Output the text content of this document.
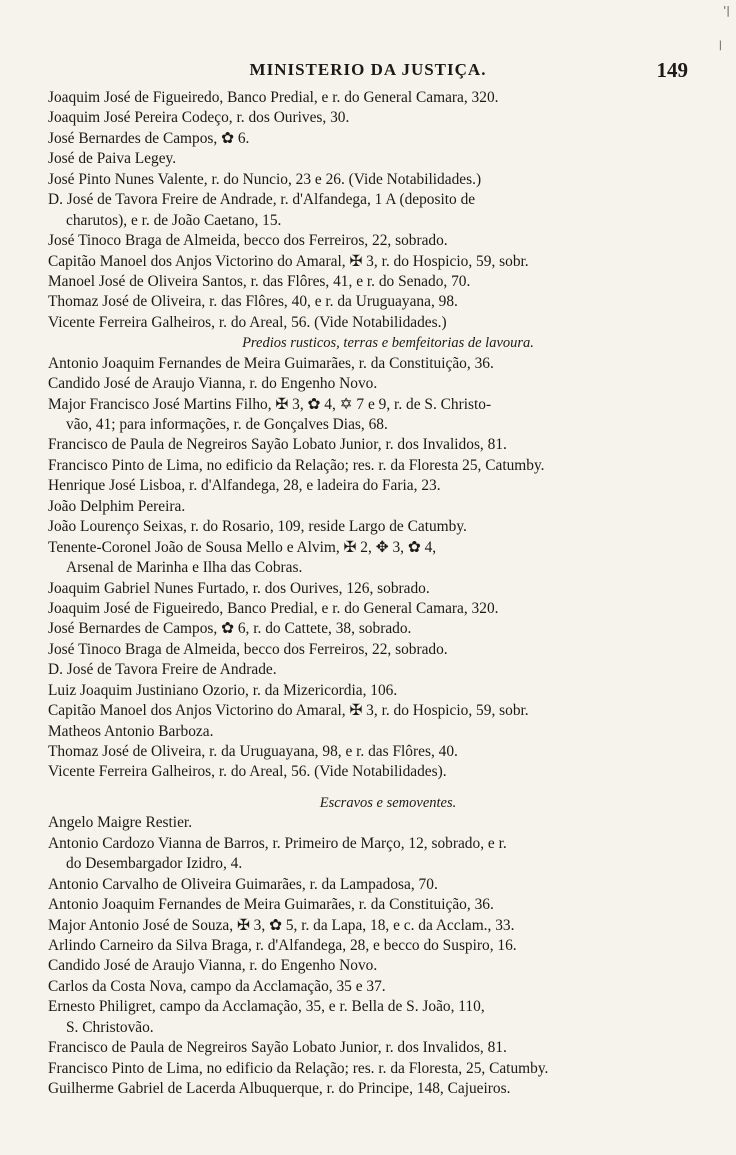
'|
|
MINISTERIO DA JUSTIÇA.	149
Joaquim José de Figueiredo, Banco Predial, e r. do General Camara, 320.
Joaquim José Pereira Codeço, r. dos Ourives, 30.
José Bernardes de Campos, ✿ 6.
José de Paiva Legey.
José Pinto Nunes Valente, r. do Nuncio, 23 e 26. (Vide Notabilidades.)
D. José de Tavora Freire de Andrade, r. d'Alfandega, 1 A (deposito de
charutos), e r. de João Caetano, 15.
José Tinoco Braga de Almeida, becco dos Ferreiros, 22, sobrado.
Capitão Manoel dos Anjos Victorino do Amaral, ✠ 3, r. do Hospicio, 59, sobr.
Manoel José de Oliveira Santos, r. das Flôres, 41, e r. do Senado, 70.
Thomaz José de Oliveira, r. das Flôres, 40, e r. da Uruguayana, 98.
Vicente Ferreira Galheiros, r. do Areal, 56. (Vide Notabilidades.)
Predios rusticos, terras e bemfeitorias de lavoura.
Antonio Joaquim Fernandes de Meira Guimarães, r. da Constituição, 36.
Candido José de Araujo Vianna, r. do Engenho Novo.
Major Francisco José Martins Filho, ✠ 3, ✿ 4, ✡ 7 e 9, r. de S. Christo-
vão, 41; para informações, r. de Gonçalves Dias, 68.
Francisco de Paula de Negreiros Sayão Lobato Junior, r. dos Invalidos, 81.
Francisco Pinto de Lima, no edificio da Relação; res. r. da Floresta 25, Catumby.
Henrique José Lisboa, r. d'Alfandega, 28, e ladeira do Faria, 23.
João Delphim Pereira.
João Lourenço Seixas, r. do Rosario, 109, reside Largo de Catumby.
Tenente-Coronel João de Sousa Mello e Alvim, ✠ 2, ✥ 3, ✿ 4,
Arsenal de Marinha e Ilha das Cobras.
Joaquim Gabriel Nunes Furtado, r. dos Ourives, 126, sobrado.
Joaquim José de Figueiredo, Banco Predial, e r. do General Camara, 320.
José Bernardes de Campos, ✿ 6, r. do Cattete, 38, sobrado.
José Tinoco Braga de Almeida, becco dos Ferreiros, 22, sobrado.
D. José de Tavora Freire de Andrade.
Luiz Joaquim Justiniano Ozorio, r. da Mizericordia, 106.
Capitão Manoel dos Anjos Victorino do Amaral, ✠ 3, r. do Hospicio, 59, sobr.
Matheos Antonio Barboza.
Thomaz José de Oliveira, r. da Uruguayana, 98, e r. das Flôres, 40.
Vicente Ferreira Galheiros, r. do Areal, 56. (Vide Notabilidades).
Escravos e semoventes.
Angelo Maigre Restier.
Antonio Cardozo Vianna de Barros, r. Primeiro de Março, 12, sobrado, e r.
do Desembargador Izidro, 4.
Antonio Carvalho de Oliveira Guimarães, r. da Lampadosa, 70.
Antonio Joaquim Fernandes de Meira Guimarães, r. da Constituição, 36.
Major Antonio José de Souza, ✠ 3, ✿ 5, r. da Lapa, 18, e c. da Acclam., 33.
Arlindo Carneiro da Silva Braga, r. d'Alfandega, 28, e becco do Suspiro, 16.
Candido José de Araujo Vianna, r. do Engenho Novo.
Carlos da Costa Nova, campo da Acclamação, 35 e 37.
Ernesto Philigret, campo da Acclamação, 35, e r. Bella de S. João, 110,
S. Christovão.
Francisco de Paula de Negreiros Sayão Lobato Junior, r. dos Invalidos, 81.
Francisco Pinto de Lima, no edificio da Relação; res. r. da Floresta, 25, Catumby.
Guilherme Gabriel de Lacerda Albuquerque, r. do Principe, 148, Cajueiros.
